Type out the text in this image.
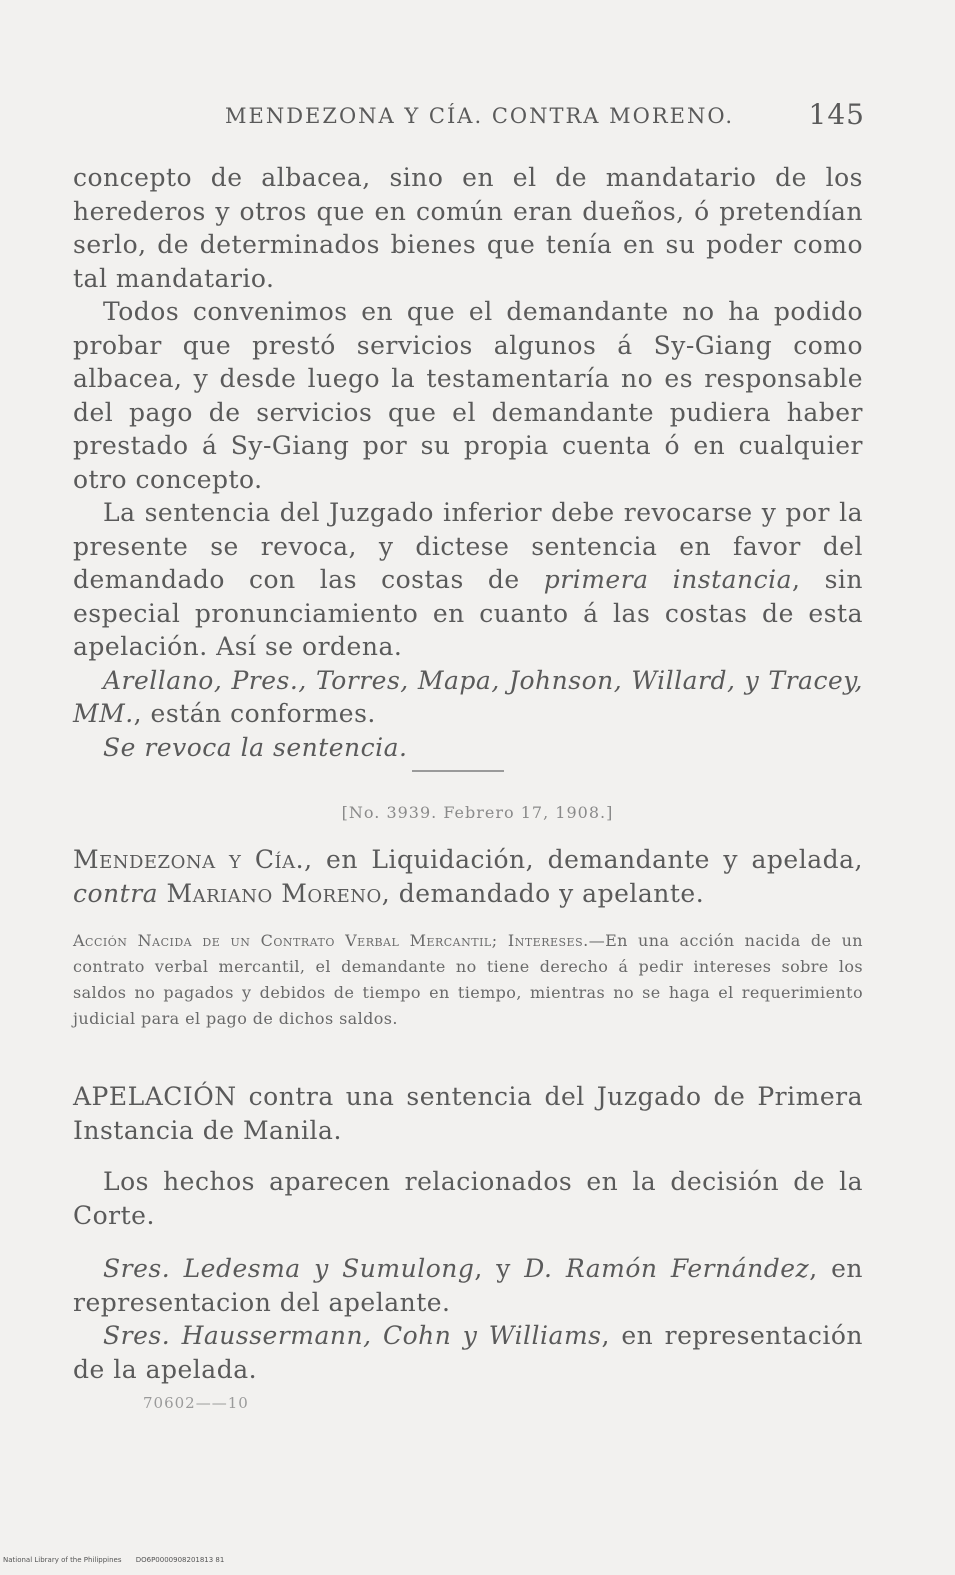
MENDEZONA Y CÍA. CONTRA MORENO.	145

concepto de albacea, sino en el de mandatario de los herederos y otros que en común eran dueños, ó pretendían serlo, de determinados bienes que tenía en su poder como tal mandatario.

Todos convenimos en que el demandante no ha podido probar que prestó servicios algunos á Sy-Giang como albacea, y desde luego la testamentaría no es responsable del pago de servicios que el demandante pudiera haber prestado á Sy-Giang por su propia cuenta ó en cualquier otro concepto.

La sentencia del Juzgado inferior debe revocarse y por la presente se revoca, y dictese sentencia en favor del demandado con las costas de primera instancia, sin especial pronunciamiento en cuanto á las costas de esta apelación. Así se ordena.

Arellano, Pres., Torres, Mapa, Johnson, Willard, y Tracey, MM., están conformes.

Se revoca la sentencia.

[No. 3939. Febrero 17, 1908.]
Mendezona y Cía., en Liquidación, demandante y apelada, contra Mariano Moreno, demandado y apelante.
Acción Nacida de un Contrato Verbal Mercantil; Intereses.—En una acción nacida de un contrato verbal mercantil, el demandante no tiene derecho á pedir intereses sobre los saldos no pagados y debidos de tiempo en tiempo, mientras no se haga el requerimiento judicial para el pago de dichos saldos.
APELACIÓN contra una sentencia del Juzgado de Primera Instancia de Manila.
Los hechos aparecen relacionados en la decisión de la Corte.

Sres. Ledesma y Sumulong, y D. Ramón Fernández, en representacion del apelante.

Sres. Haussermann, Cohn y Williams, en representación de la apelada.

70602——10
National Library of the Philippines DO6P0000908201813 81
